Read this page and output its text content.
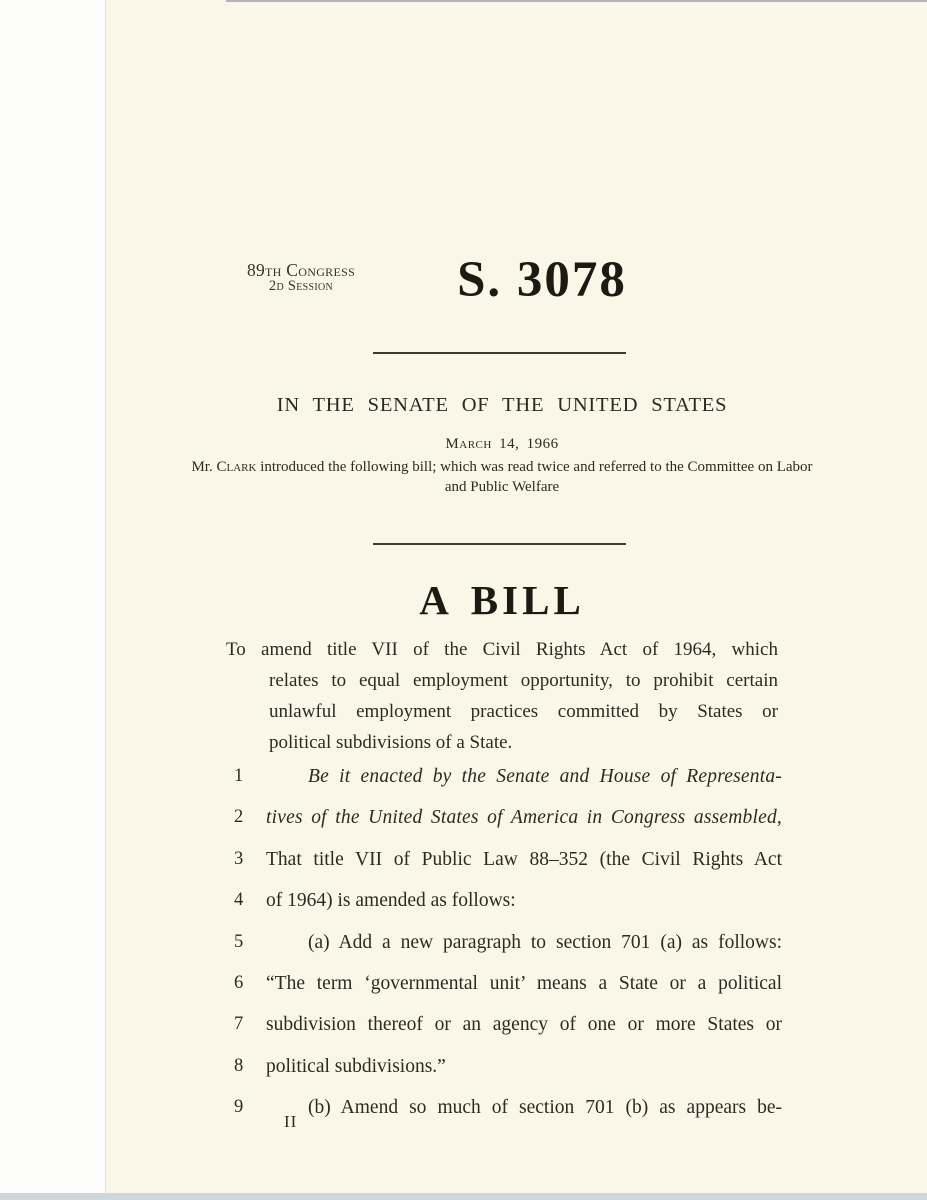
89th Congress
2d Session	S. 3078
IN THE SENATE OF THE UNITED STATES
March 14, 1966
Mr. Clark introduced the following bill; which was read twice and referred to the Committee on Labor and Public Welfare
A BILL
To amend title VII of the Civil Rights Act of 1964, which
relates to equal employment opportunity, to prohibit certain
unlawful employment practices committed by States or
political subdivisions of a State.
1	Be it enacted by the Senate and House of Representa-
2 tives of the United States of America in Congress assembled,
3 That title VII of Public Law 88–352 (the Civil Rights Act
4 of 1964) is amended as follows:
5	(a) Add a new paragraph to section 701 (a) as follows:
6 “The term ‘governmental unit’ means a State or a political
7 subdivision thereof or an agency of one or more States or
8 political subdivisions.”
9	(b) Amend so much of section 701 (b) as appears be-
II
